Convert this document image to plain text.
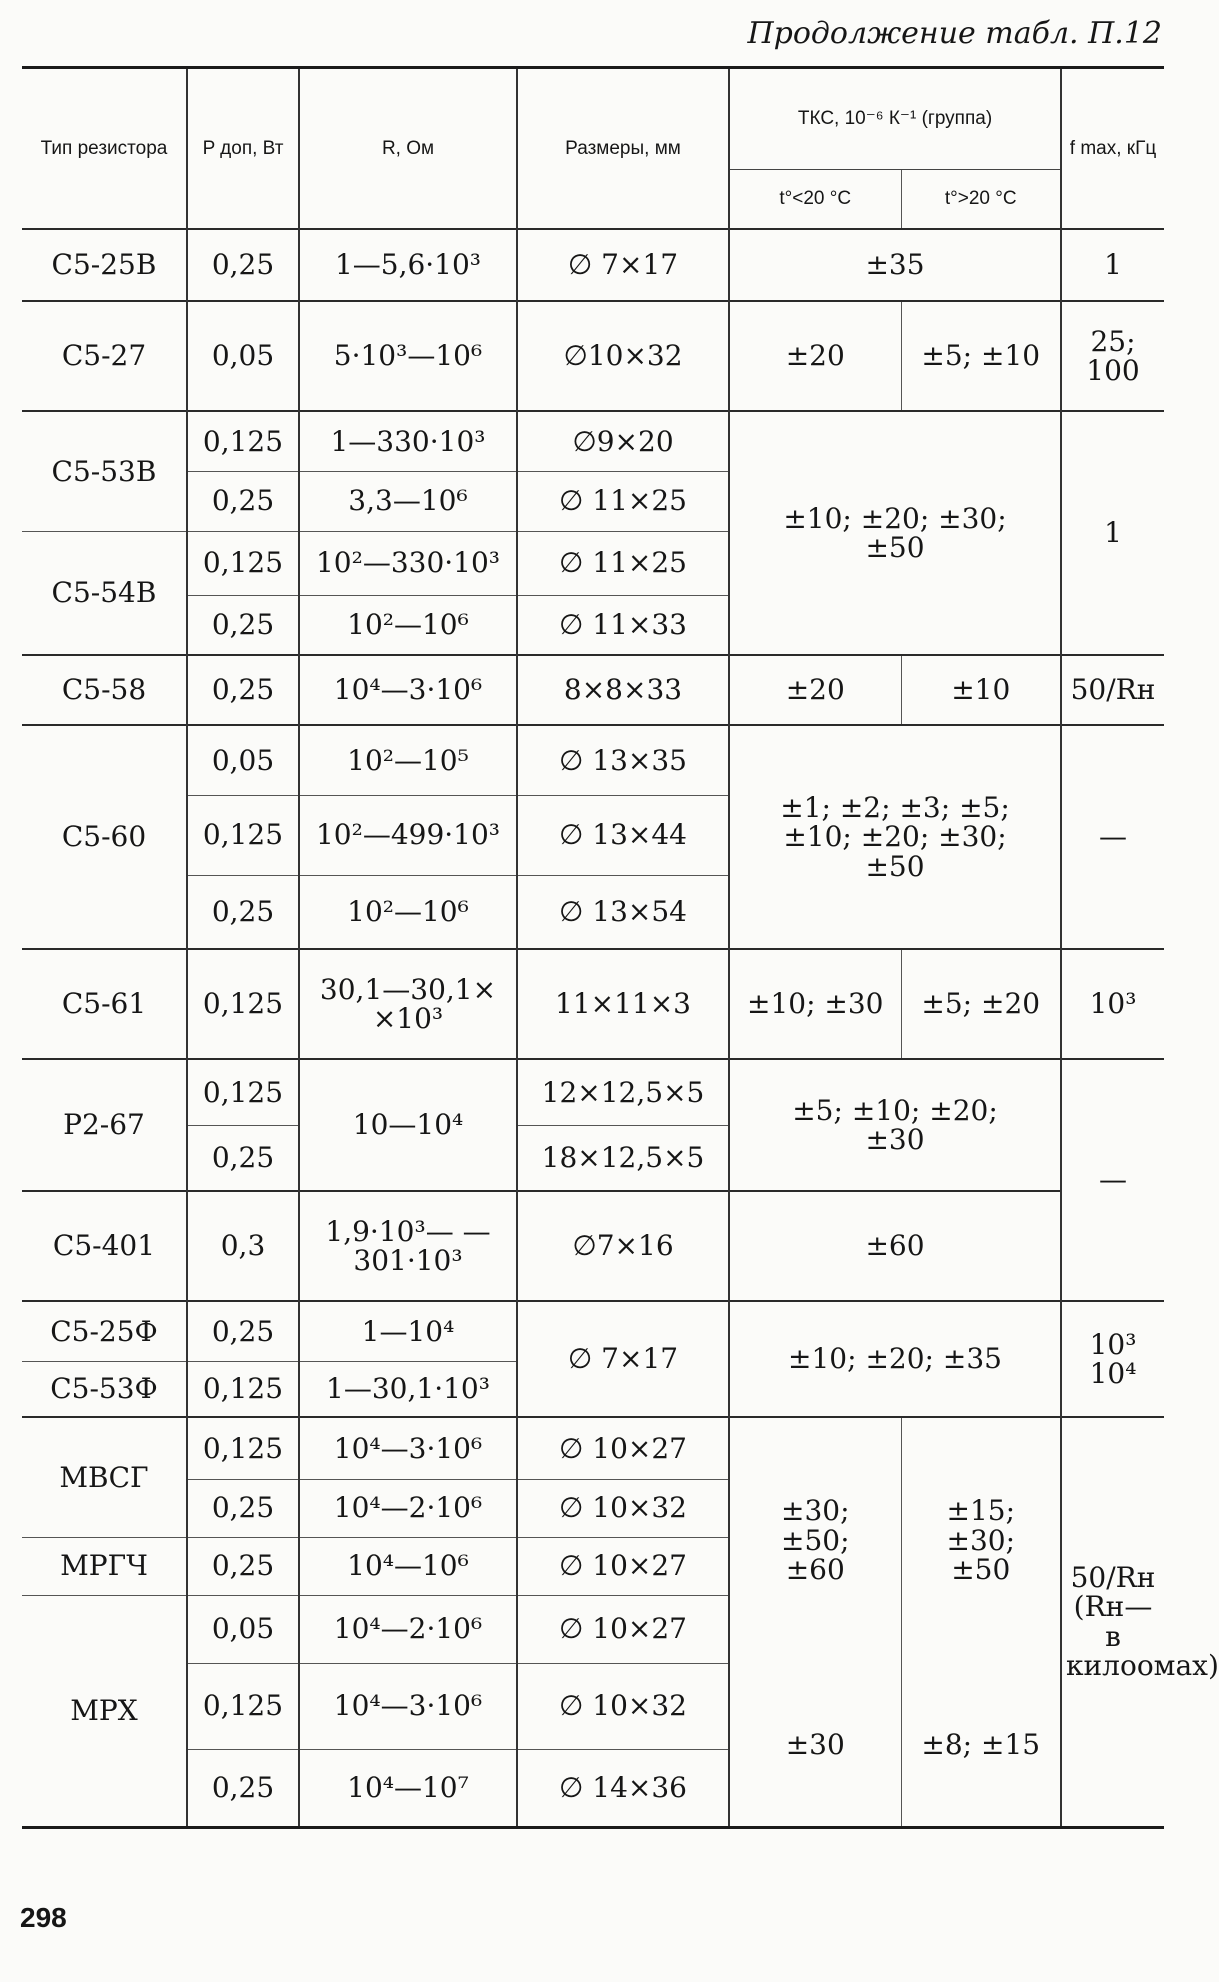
Продолжение табл. П.12
Тип резистора	P доп, Вт	R, Ом	Размеры, мм	ТКС, 10⁻⁶ К⁻¹ (группа)		f max, кГц
				t°<20 °C	t°>20 °C	
С5-25В	0,25	1—5,6·10³	∅ 7×17	±35		1
С5-27	0,05	5·10³—10⁶	∅10×32	±20	±5; ±10	25; 100
С5-53В	0,125	1—330·10³	∅9×20	±10; ±20; ±30; ±50		1
	0,25	3,3—10⁶	∅ 11×25			
С5-54В	0,125	10²—330·10³	∅ 11×25			
	0,25	10²—10⁶	∅ 11×33			
С5-58	0,25	10⁴—3·10⁶	8×8×33	±20	±10	50/Rн
С5-60	0,05	10²—10⁵	∅ 13×35	±1; ±2; ±3; ±5; ±10; ±20; ±30; ±50		—
	0,125	10²—499·10³	∅ 13×44			
	0,25	10²—10⁶	∅ 13×54			
С5-61	0,125	30,1—30,1× ×10³	11×11×3	±10; ±30	±5; ±20	10³
Р2-67	0,125	10—10⁴	12×12,5×5	±5; ±10; ±20; ±30		—
	0,25		18×12,5×5			
С5-401	0,3	1,9·10³— —301·10³	∅7×16	±60		
С5-25Ф	0,25	1—10⁴	∅ 7×17	±10; ±20; ±35		10³ 10⁴
С5-53Ф	0,125	1—30,1·10³				
МВСГ	0,125	10⁴—3·10⁶	∅ 10×27	±30; ±50; ±60	±15; ±30; ±50	50/Rн (Rн— в килоомах)
	0,25	10⁴—2·10⁶	∅ 10×32			
МРГЧ	0,25	10⁴—10⁶	∅ 10×27			
МРХ	0,05	10⁴—2·10⁶	∅ 10×27			
	0,125	10⁴—3·10⁶	∅ 10×32	±30	±8; ±15	
	0,25	10⁴—10⁷	∅ 14×36			
298
